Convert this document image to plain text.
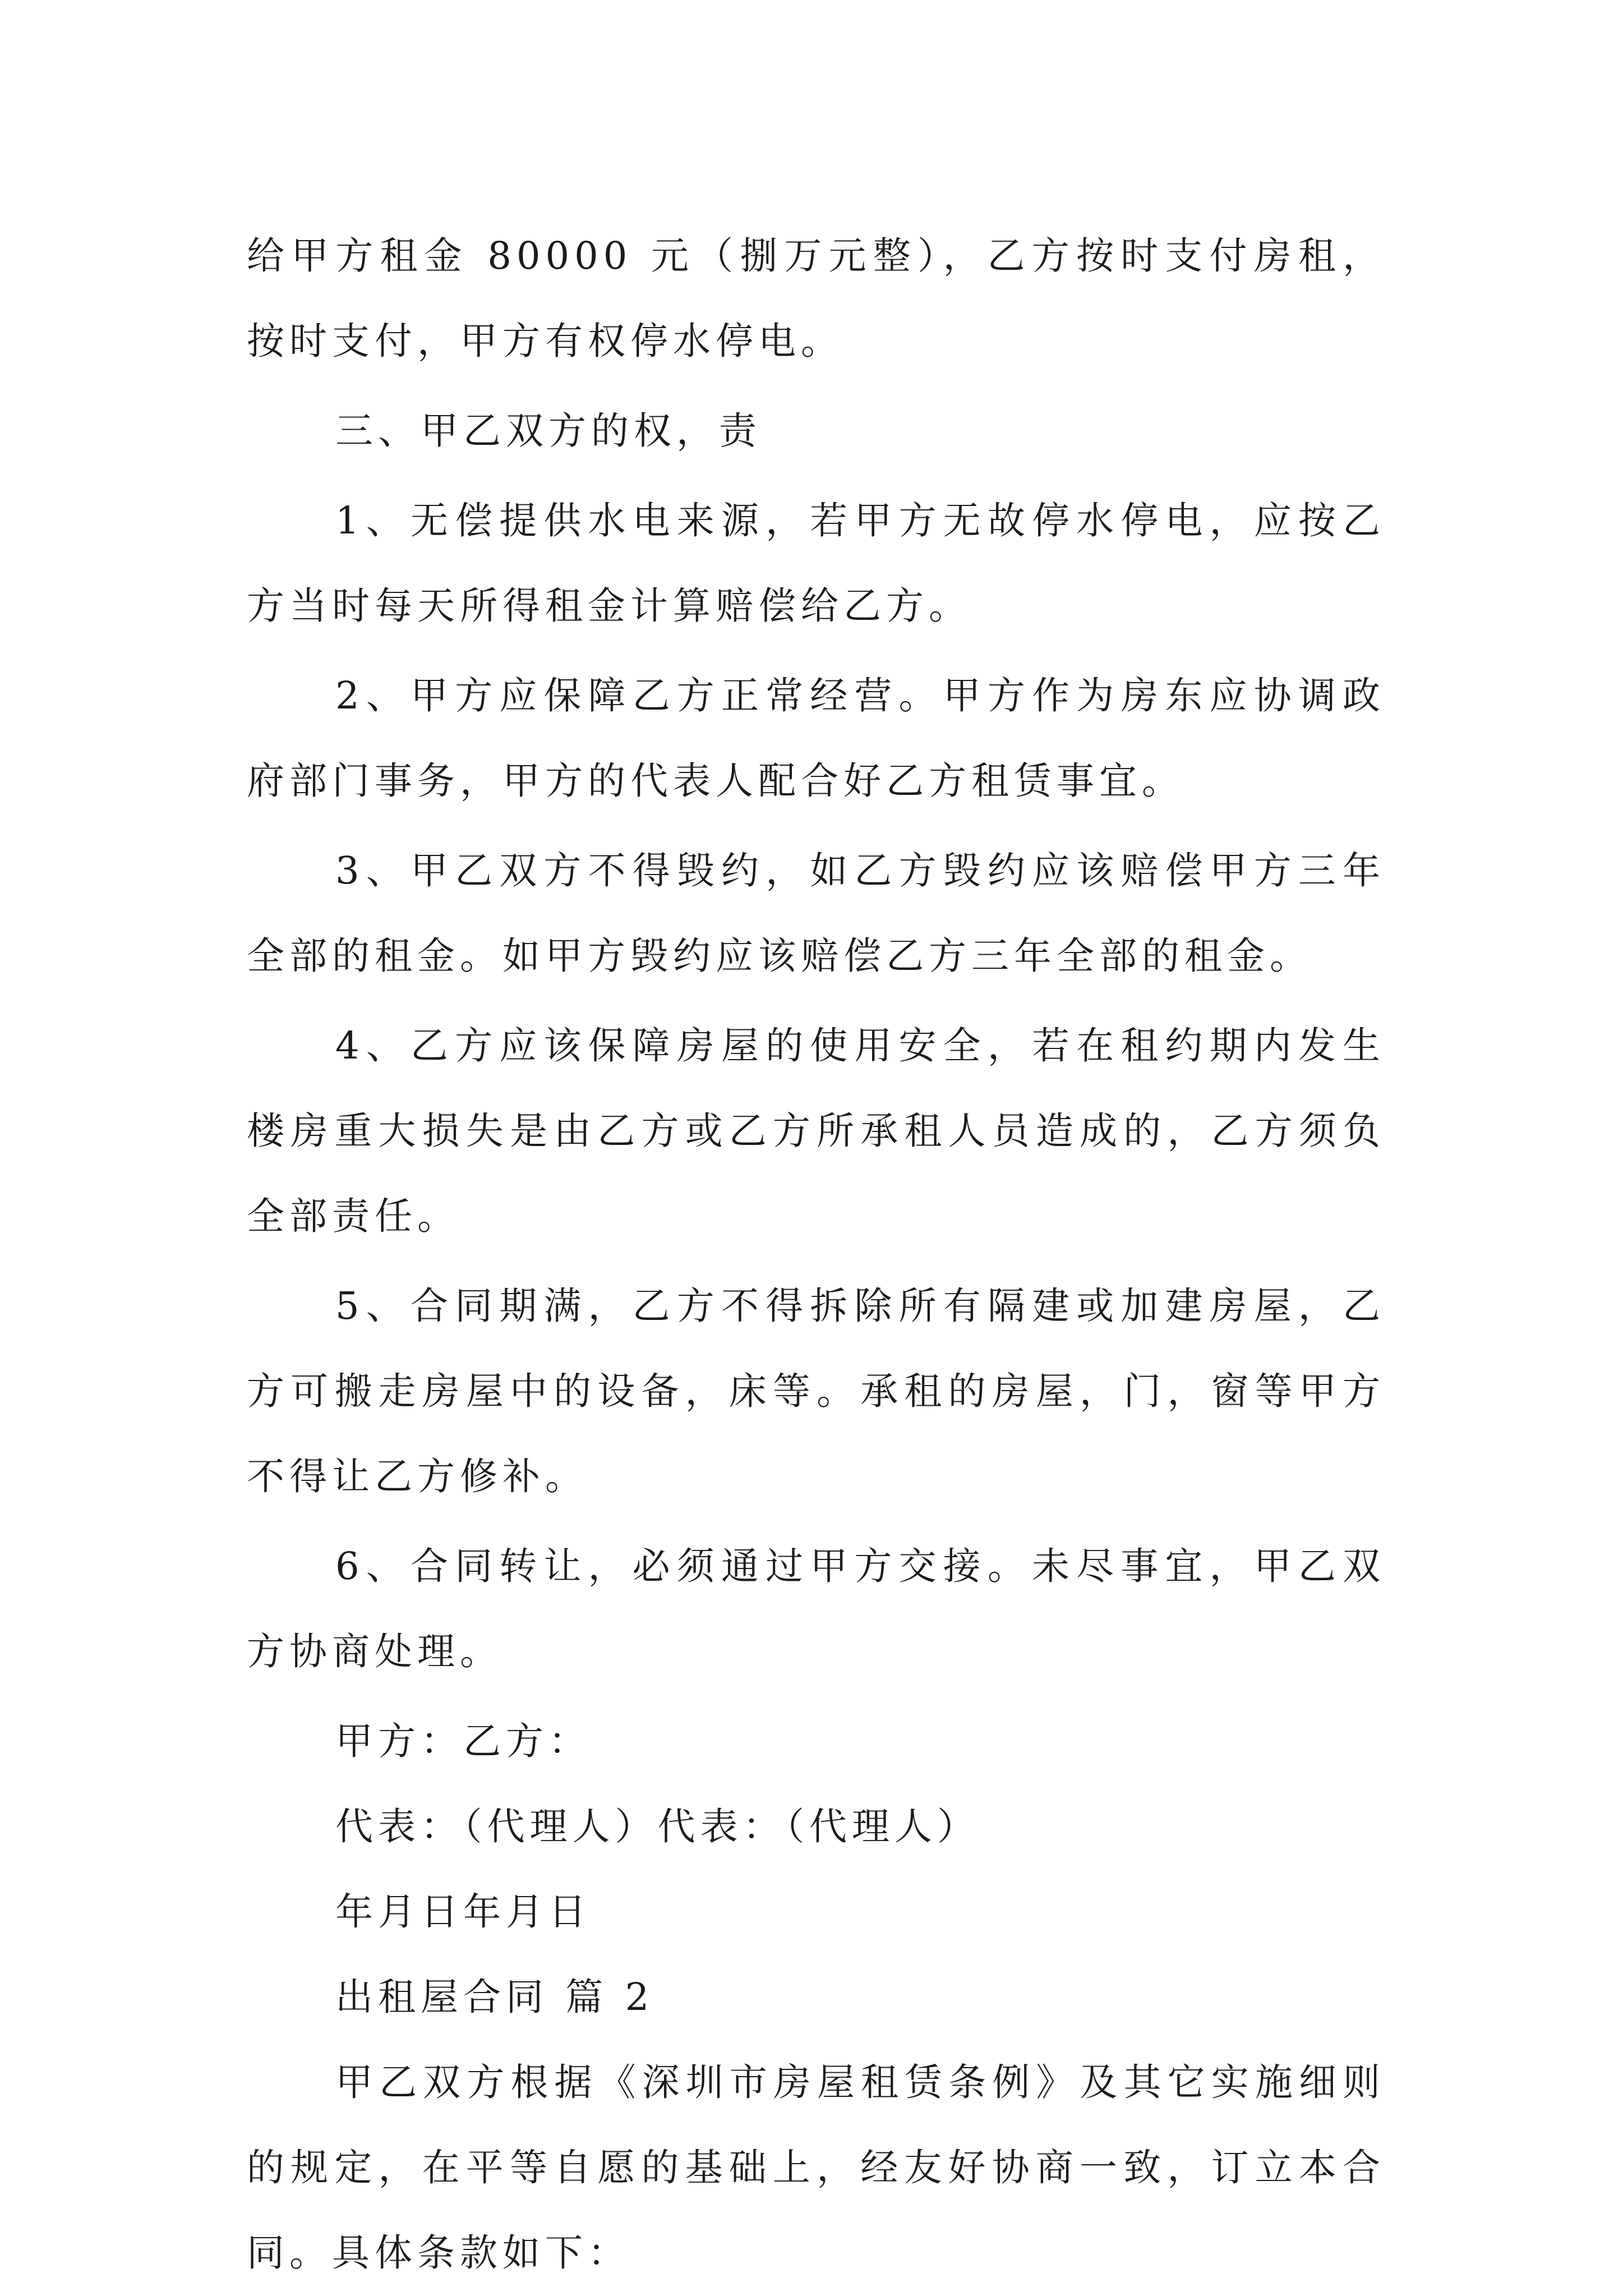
给甲方租金 80000 元（捌万元整），乙方按时支付房租，
按时支付，甲方有权停水停电。
三、甲乙双方的权，责
1、无偿提供水电来源，若甲方无故停水停电，应按乙
方当时每天所得租金计算赔偿给乙方。
2、甲方应保障乙方正常经营。甲方作为房东应协调政
府部门事务，甲方的代表人配合好乙方租赁事宜。
3、甲乙双方不得毁约，如乙方毁约应该赔偿甲方三年
全部的租金。如甲方毁约应该赔偿乙方三年全部的租金。
4、乙方应该保障房屋的使用安全，若在租约期内发生
楼房重大损失是由乙方或乙方所承租人员造成的，乙方须负
全部责任。
5、合同期满，乙方不得拆除所有隔建或加建房屋，乙
方可搬走房屋中的设备，床等。承租的房屋，门，窗等甲方
不得让乙方修补。
6、合同转让，必须通过甲方交接。未尽事宜，甲乙双
方协商处理。
甲方：乙方：
代表：（代理人）代表：（代理人）
年月日年月日
出租屋合同 篇 2
甲乙双方根据《深圳市房屋租赁条例》及其它实施细则
的规定，在平等自愿的基础上，经友好协商一致，订立本合
同。具体条款如下：
